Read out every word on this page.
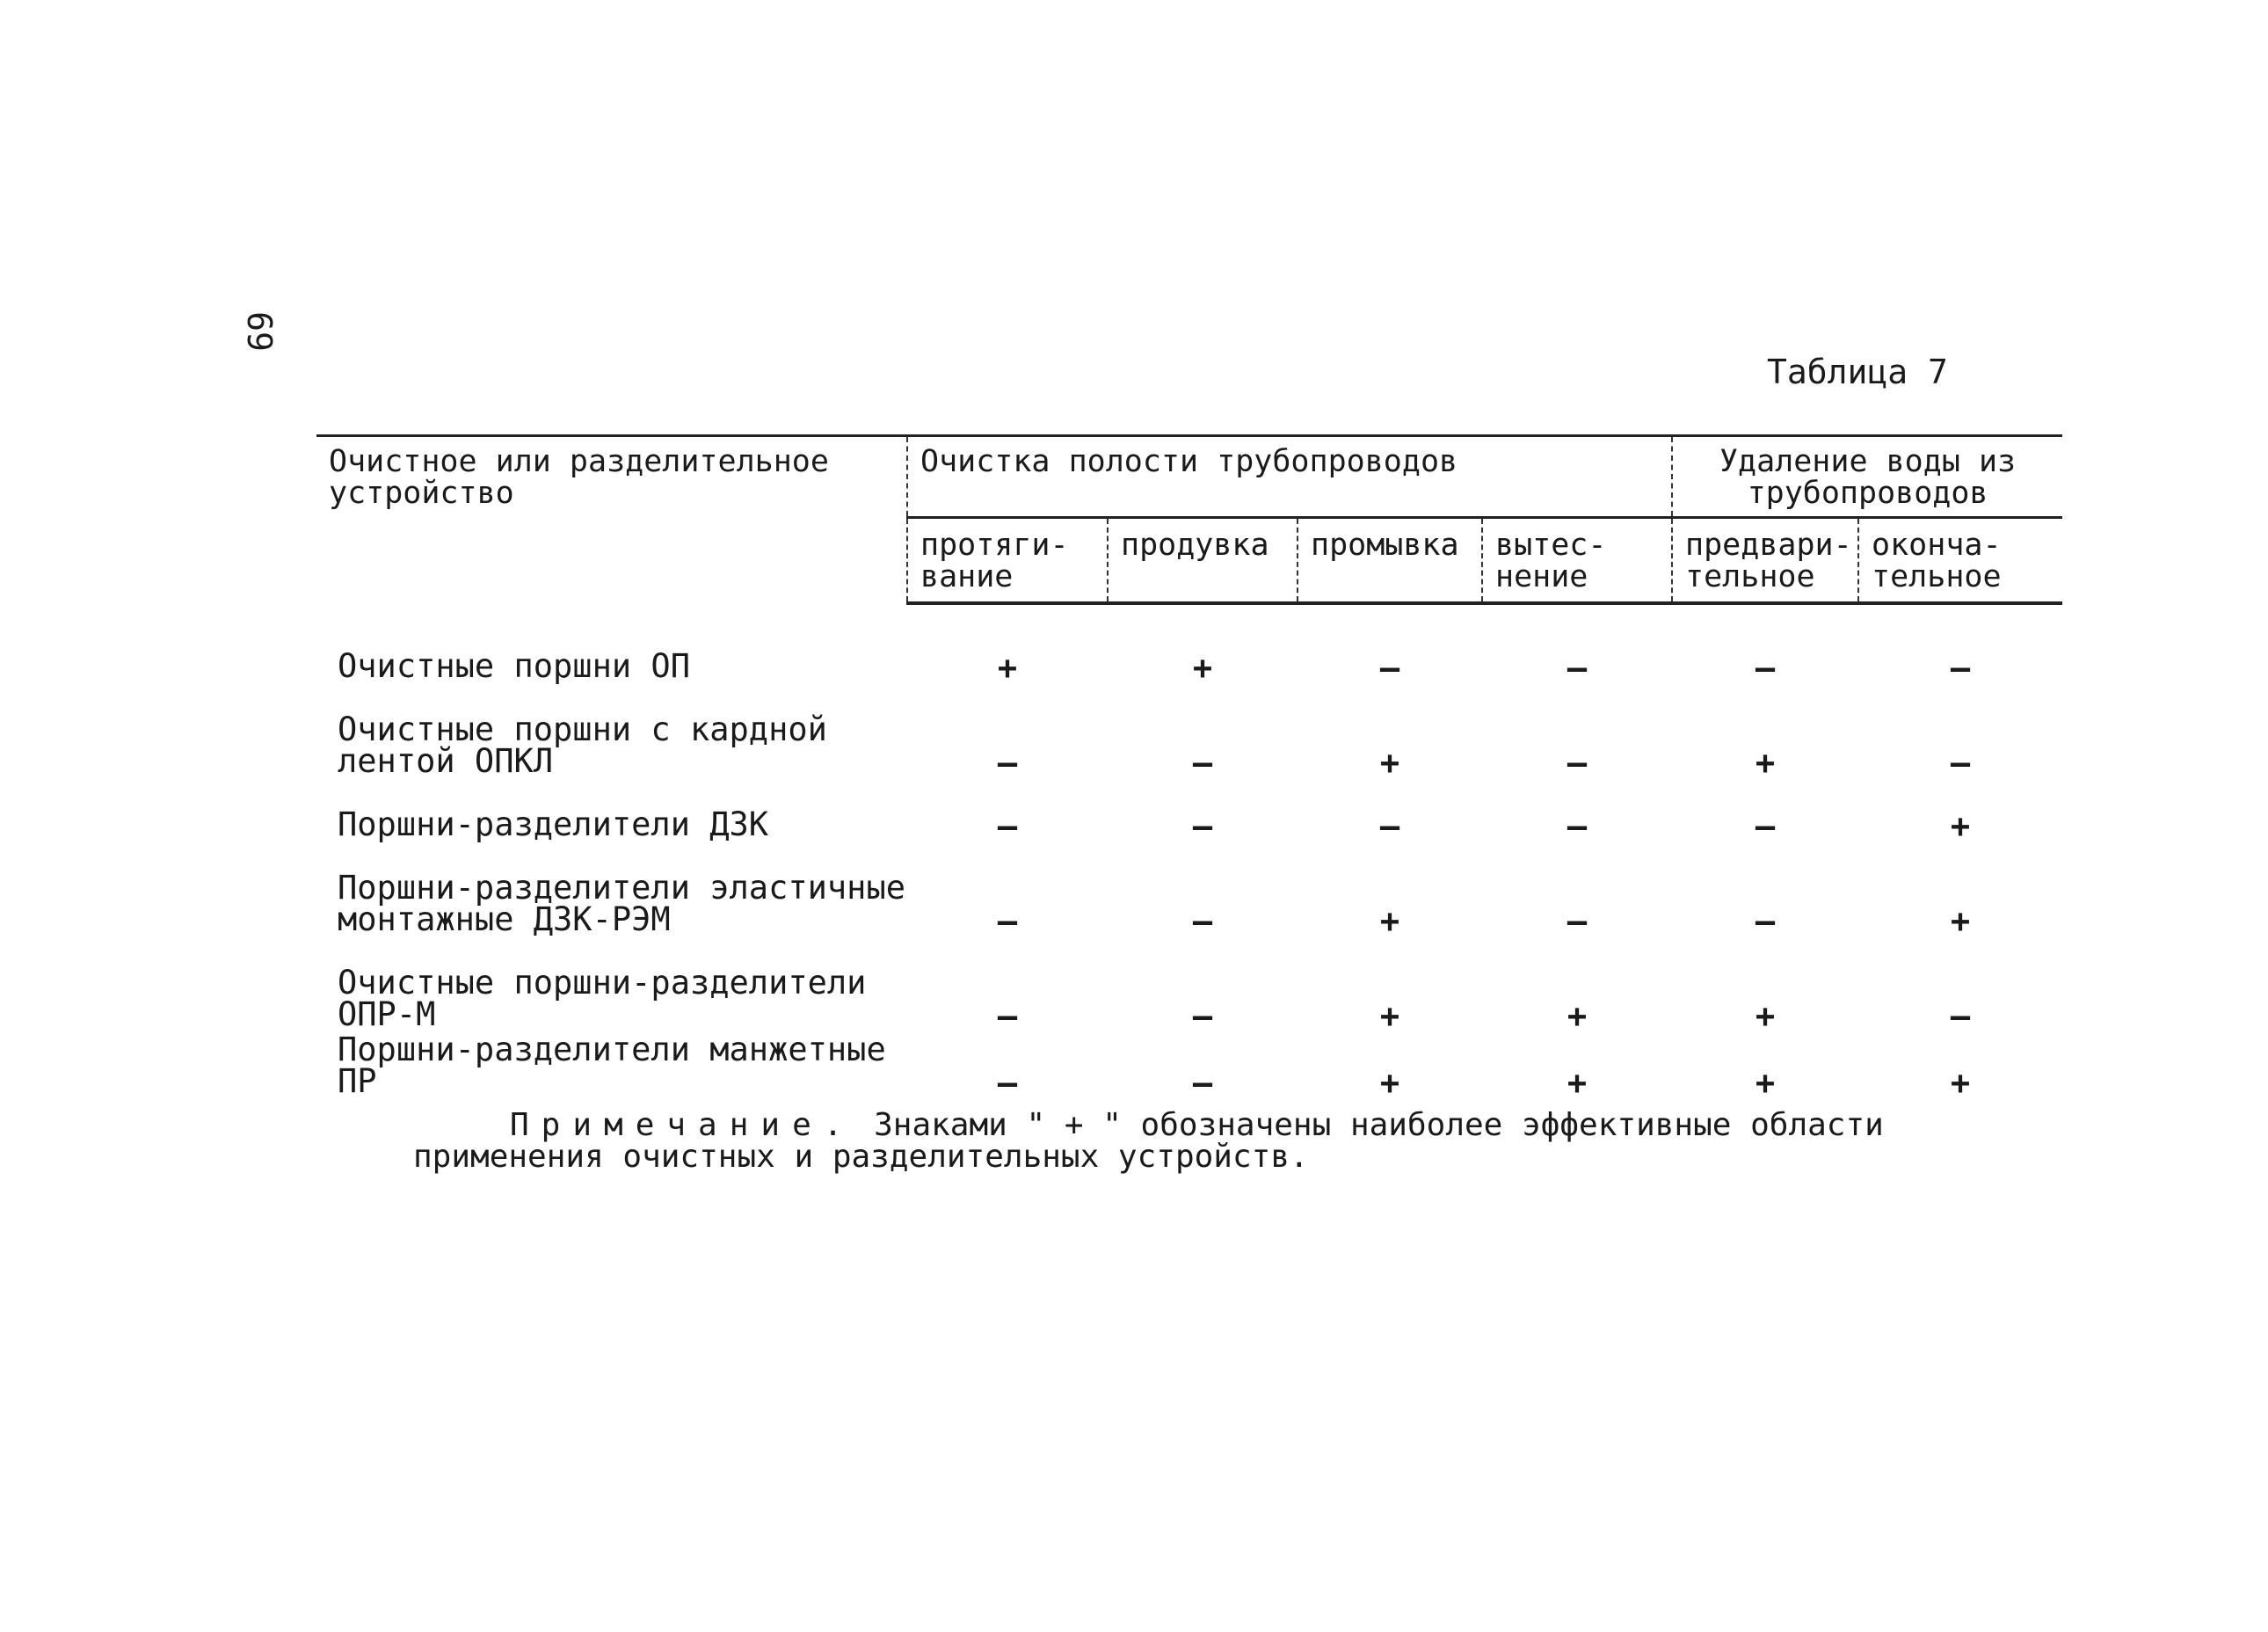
69
Таблица 7
Очистное или разделительное устройство	Очистка полости трубопроводов				Удаление воды из трубопроводов	
	протяги-вание	продувка	промывка	вытес-нение	предвари-тельное	оконча-тельное
Очистные поршни ОП	+	+	–	–	–	–
Очистные поршни с кардной лентой ОПКЛ	–	–	+	–	+	–
Поршни-разделители ДЗК	–	–	–	–	–	+
Поршни-разделители эластичные монтажные ДЗК-РЭМ	–	–	+	–	–	+
Очистные поршни-разделители ОПР-М	–	–	+	+	+	–
Поршни-разделители манжетные ПР	–	–	+	+	+	+
Примечание. Знаками " + " обозначены наиболее эффективные области применения очистных и разделительных устройств.
